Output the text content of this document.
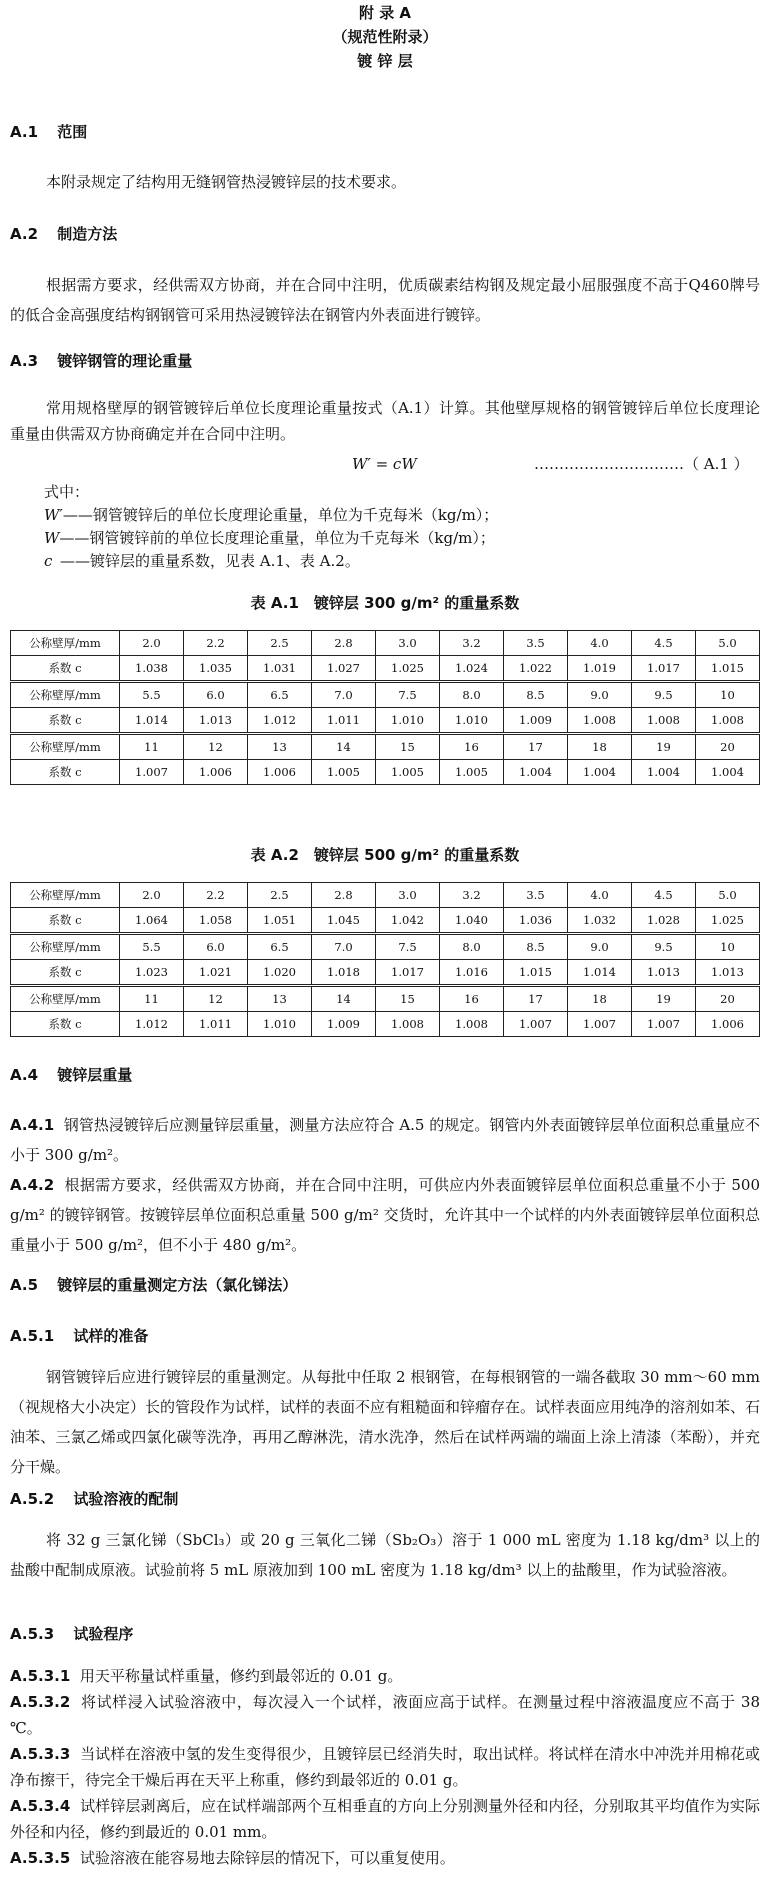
附 录 A
（规范性附录）
镀 锌 层
A.1 范围
本附录规定了结构用无缝钢管热浸镀锌层的技术要求。
A.2 制造方法
根据需方要求，经供需双方协商，并在合同中注明，优质碳素结构钢及规定最小屈服强度不高于Q460牌号的低合金高强度结构钢钢管可采用热浸镀锌法在钢管内外表面进行镀锌。
A.3 镀锌钢管的理论重量
常用规格壁厚的钢管镀锌后单位长度理论重量按式（A.1）计算。其他壁厚规格的钢管镀锌后单位长度理论重量由供需双方协商确定并在合同中注明。
W′ = cW	…………………………（ A.1 ）
式中：
W′——钢管镀锌后的单位长度理论重量，单位为千克每米（kg/m）；
W——钢管镀锌前的单位长度理论重量，单位为千克每米（kg/m）；
c ——镀锌层的重量系数，见表 A.1、表 A.2。
表 A.1　镀锌层 300 g/m² 的重量系数
公称壁厚/mm	2.0	2.2	2.5	2.8	3.0	3.2	3.5	4.0	4.5	5.0
系数 c	1.038	1.035	1.031	1.027	1.025	1.024	1.022	1.019	1.017	1.015
公称壁厚/mm	5.5	6.0	6.5	7.0	7.5	8.0	8.5	9.0	9.5	10
系数 c	1.014	1.013	1.012	1.011	1.010	1.010	1.009	1.008	1.008	1.008
公称壁厚/mm	11	12	13	14	15	16	17	18	19	20
系数 c	1.007	1.006	1.006	1.005	1.005	1.005	1.004	1.004	1.004	1.004
表 A.2　镀锌层 500 g/m² 的重量系数
公称壁厚/mm	2.0	2.2	2.5	2.8	3.0	3.2	3.5	4.0	4.5	5.0
系数 c	1.064	1.058	1.051	1.045	1.042	1.040	1.036	1.032	1.028	1.025
公称壁厚/mm	5.5	6.0	6.5	7.0	7.5	8.0	8.5	9.0	9.5	10
系数 c	1.023	1.021	1.020	1.018	1.017	1.016	1.015	1.014	1.013	1.013
公称壁厚/mm	11	12	13	14	15	16	17	18	19	20
系数 c	1.012	1.011	1.010	1.009	1.008	1.008	1.007	1.007	1.007	1.006
A.4 镀锌层重量
A.4.1 钢管热浸镀锌后应测量锌层重量，测量方法应符合 A.5 的规定。钢管内外表面镀锌层单位面积总重量应不小于 300 g/m²。
A.4.2 根据需方要求，经供需双方协商，并在合同中注明，可供应内外表面镀锌层单位面积总重量不小于 500 g/m² 的镀锌钢管。按镀锌层单位面积总重量 500 g/m² 交货时，允许其中一个试样的内外表面镀锌层单位面积总重量小于 500 g/m²，但不小于 480 g/m²。
A.5 镀锌层的重量测定方法（氯化锑法）
A.5.1 试样的准备
钢管镀锌后应进行镀锌层的重量测定。从每批中任取 2 根钢管，在每根钢管的一端各截取 30 mm～60 mm（视规格大小决定）长的管段作为试样，试样的表面不应有粗糙面和锌瘤存在。试样表面应用纯净的溶剂如苯、石油苯、三氯乙烯或四氯化碳等洗净，再用乙醇淋洗，清水洗净，然后在试样两端的端面上涂上清漆（苯酚），并充分干燥。
A.5.2 试验溶液的配制
将 32 g 三氯化锑（SbCl₃）或 20 g 三氧化二锑（Sb₂O₃）溶于 1 000 mL 密度为 1.18 kg/dm³ 以上的盐酸中配制成原液。试验前将 5 mL 原液加到 100 mL 密度为 1.18 kg/dm³ 以上的盐酸里，作为试验溶液。
A.5.3 试验程序
A.5.3.1 用天平称量试样重量，修约到最邻近的 0.01 g。
A.5.3.2 将试样浸入试验溶液中，每次浸入一个试样，液面应高于试样。在测量过程中溶液温度应不高于 38 ℃。
A.5.3.3 当试样在溶液中氢的发生变得很少，且镀锌层已经消失时，取出试样。将试样在清水中冲洗并用棉花或净布擦干，待完全干燥后再在天平上称重，修约到最邻近的 0.01 g。
A.5.3.4 试样锌层剥离后，应在试样端部两个互相垂直的方向上分别测量外径和内径，分别取其平均值作为实际外径和内径，修约到最近的 0.01 mm。
A.5.3.5 试验溶液在能容易地去除锌层的情况下，可以重复使用。
